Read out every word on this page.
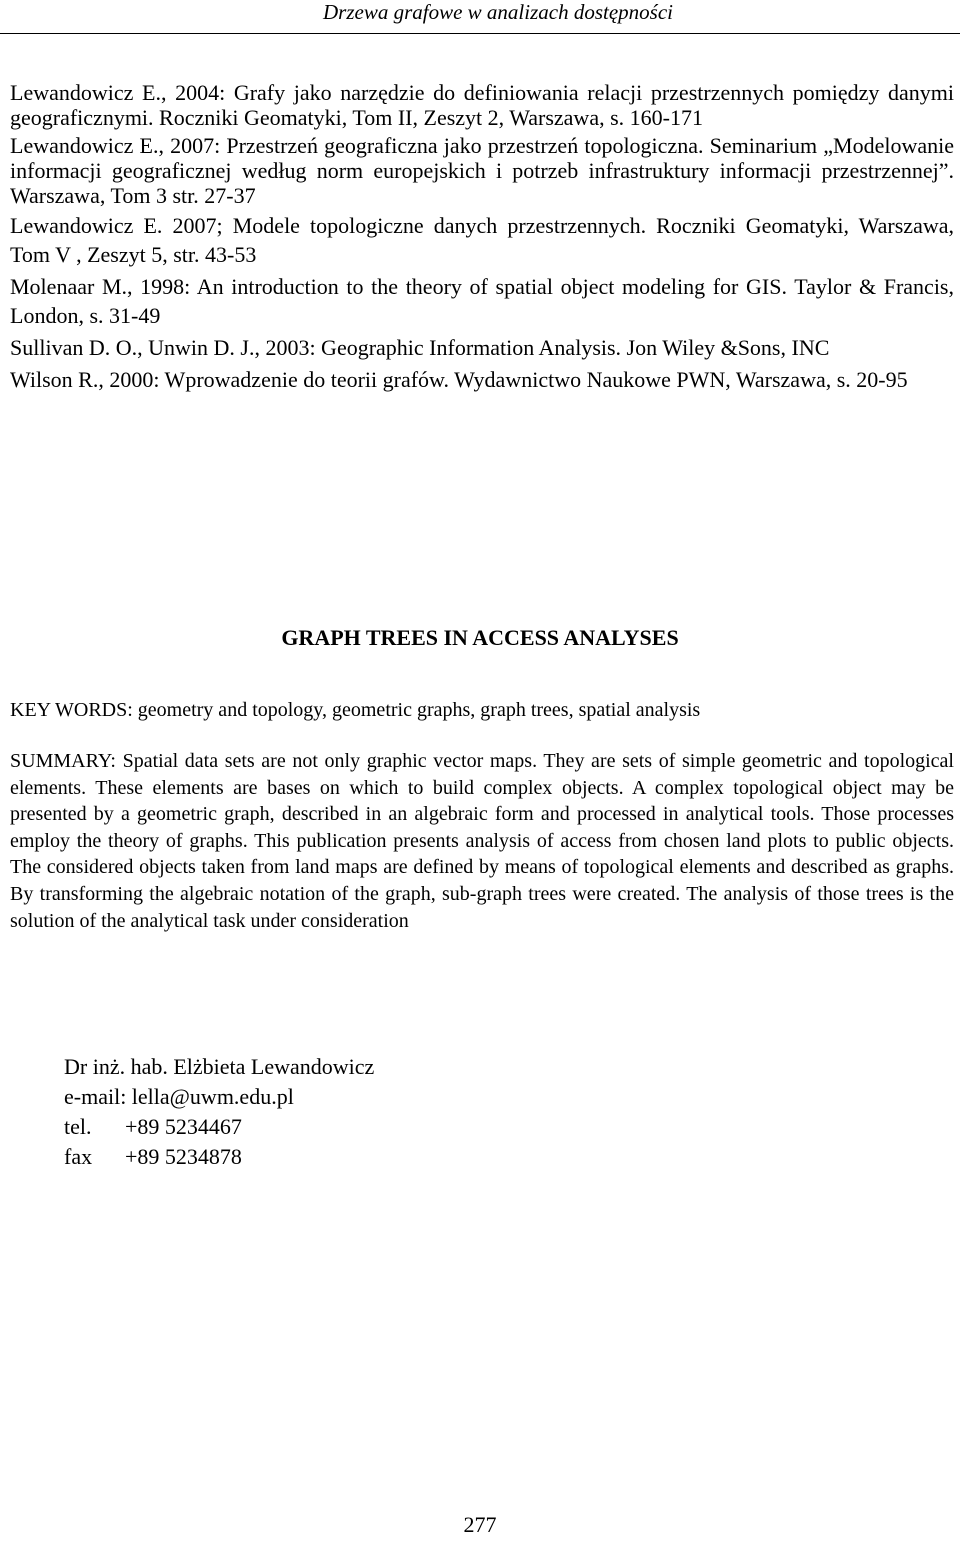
Drzewa grafowe w analizach dostępności

Lewandowicz E., 2004: Grafy jako narzędzie do definiowania relacji przestrzennych pomiędzy danymi geograficznymi. Roczniki Geomatyki, Tom II, Zeszyt 2, Warszawa, s. 160-171

Lewandowicz E., 2007: Przestrzeń geograficzna jako przestrzeń topologiczna. Seminarium „Modelowanie informacji geograficznej według norm europejskich i potrzeb infrastruktury informacji przestrzennej”. Warszawa, Tom 3 str. 27-37

Lewandowicz E. 2007; Modele topologiczne danych przestrzennych. Roczniki Geomatyki, Warszawa, Tom V , Zeszyt 5, str. 43-53

Molenaar M., 1998: An introduction to the theory of spatial object modeling for GIS. Taylor & Francis, London, s. 31-49

Sullivan D. O., Unwin D. J., 2003: Geographic Information Analysis. Jon Wiley &Sons, INC

Wilson R., 2000: Wprowadzenie do teorii grafów. Wydawnictwo Naukowe PWN, Warszawa, s. 20-95

GRAPH TREES IN ACCESS ANALYSES
KEY WORDS: geometry and topology, geometric graphs, graph trees, spatial analysis
SUMMARY: Spatial data sets are not only graphic vector maps. They are sets of simple geometric and topological elements. These elements are bases on which to build complex objects. A complex topological object may be presented by a geometric graph, described in an algebraic form and processed in analytical tools. Those processes employ the theory of graphs. This publication presents analysis of access from chosen land plots to public objects. The considered objects taken from land maps are defined by means of topological elements and described as graphs. By transforming the algebraic notation of the graph, sub-graph trees were created. The analysis of those trees is the solution of the analytical task under consideration
Dr inż. hab. Elżbieta Lewandowicz
e-mail: lella@uwm.edu.pl
tel. +89 5234467
fax +89 5234878
277
